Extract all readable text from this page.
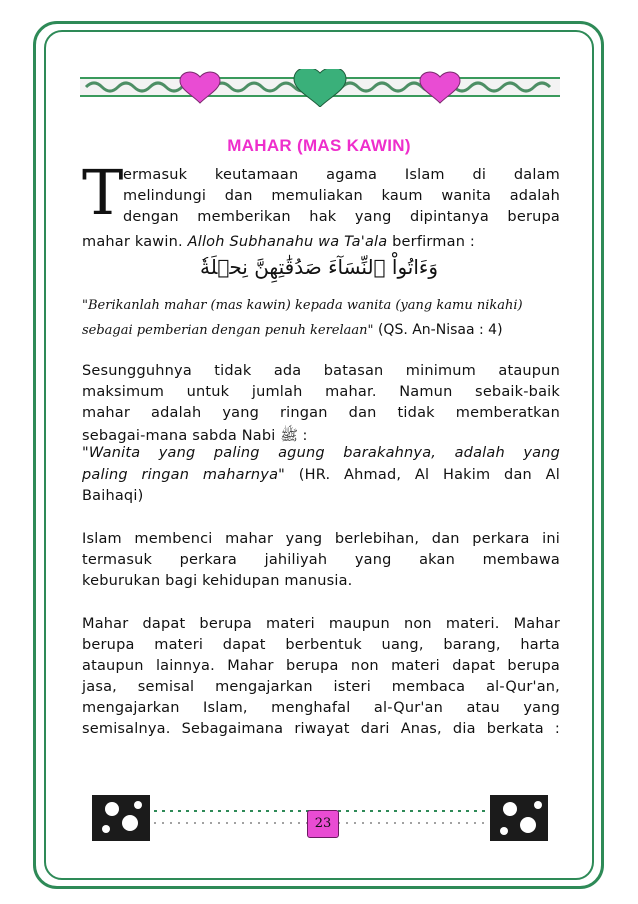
MAHAR (MAS KAWIN)
T ermasuk keutamaan agama Islam di dalam
melindungi dan memuliakan kaum wanita adalah
dengan memberikan hak yang dipintanya berupa
mahar kawin. Alloh Subhanahu wa Ta'ala berfirman :
وَءَاتُواْ ٱلنِّسَآءَ صَدُقَٰتِهِنَّ نِحۡلَةٗ
"Berikanlah mahar (mas kawin) kepada wanita (yang kamu nikahi)
sebagai pemberian dengan penuh kerelaan" (QS. An-Nisaa : 4)
Sesungguhnya tidak ada batasan minimum ataupun
maksimum untuk jumlah mahar. Namun sebaik-baik
mahar adalah yang ringan dan tidak memberatkan
sebagai-mana sabda Nabi ﷺ :
"Wanita yang paling agung barakahnya, adalah yang
paling ringan maharnya" (HR. Ahmad, Al Hakim dan Al
Baihaqi)
Islam membenci mahar yang berlebihan, dan perkara ini
termasuk perkara jahiliyah yang akan membawa
keburukan bagi kehidupan manusia.
Mahar dapat berupa materi maupun non materi. Mahar
berupa materi dapat berbentuk uang, barang, harta
ataupun lainnya. Mahar berupa non materi dapat berupa
jasa, semisal mengajarkan isteri membaca al-Qur'an,
mengajarkan Islam, menghafal al-Qur'an atau yang
semisalnya. Sebagaimana riwayat dari Anas, dia berkata :
23
